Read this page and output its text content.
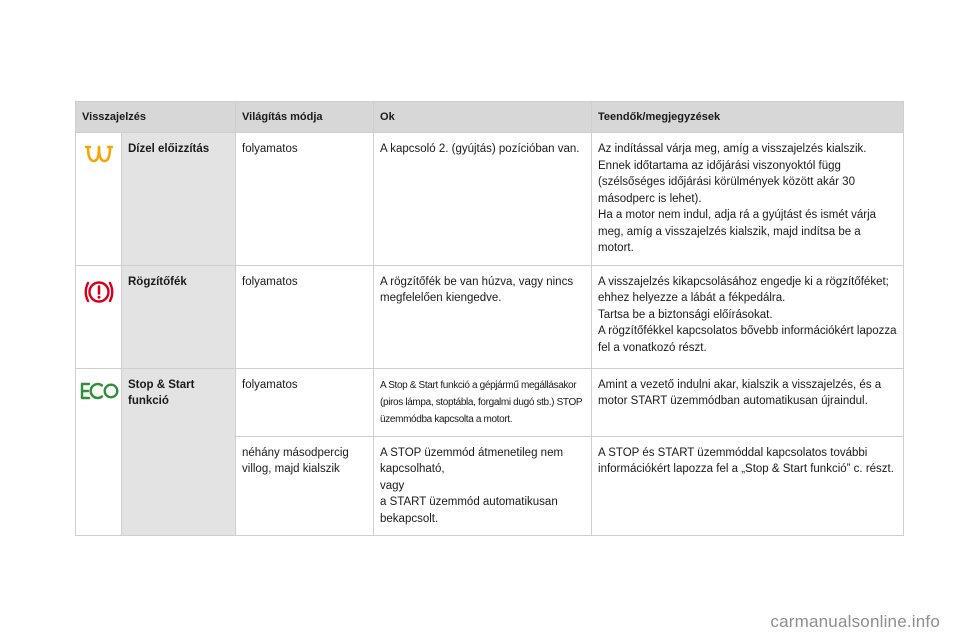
Visszajelzés		Világítás módja	Ok	Teendők/megjegyzések
	Dízel előizzítás	folyamatos	A kapcsoló 2. (gyújtás) pozícióban van.	Az indítással várja meg, amíg a visszajelzés kialszik.
Ennek időtartama az időjárási viszonyoktól függ (szélsőséges időjárási körülmények között akár 30 másodperc is lehet).
Ha a motor nem indul, adja rá a gyújtást és ismét várja meg, amíg a visszajelzés kialszik, majd indítsa be a motort.

	Rögzítőfék	folyamatos	A rögzítőfék be van húzva, vagy nincs megfelelően kiengedve.	A visszajelzés kikapcsolásához engedje ki a rögzítőféket; ehhez helyezze a lábát a fékpedálra.
Tartsa be a biztonsági előírásokat.
A rögzítőfékkel kapcsolatos bővebb információkért lapozza fel a vonatkozó részt.

	Stop & Start funkció	folyamatos	A Stop & Start funkció a gépjármű megállásakor (piros lámpa, stoptábla, forgalmi dugó stb.) STOP üzemmódba kapcsolta a motort.	Amint a vezető indulni akar, kialszik a visszajelzés, és a motor START üzemmódban automatikusan újraindul.

		néhány másodpercig villog, majd kialszik	A STOP üzemmód átmenetileg nem kapcsolható,
vagy
a START üzemmód automatikusan bekapcsolt.	A STOP és START üzemmóddal kapcsolatos további információkért lapozza fel a „Stop & Start funkció” c. részt.
carmanualsonline.info
